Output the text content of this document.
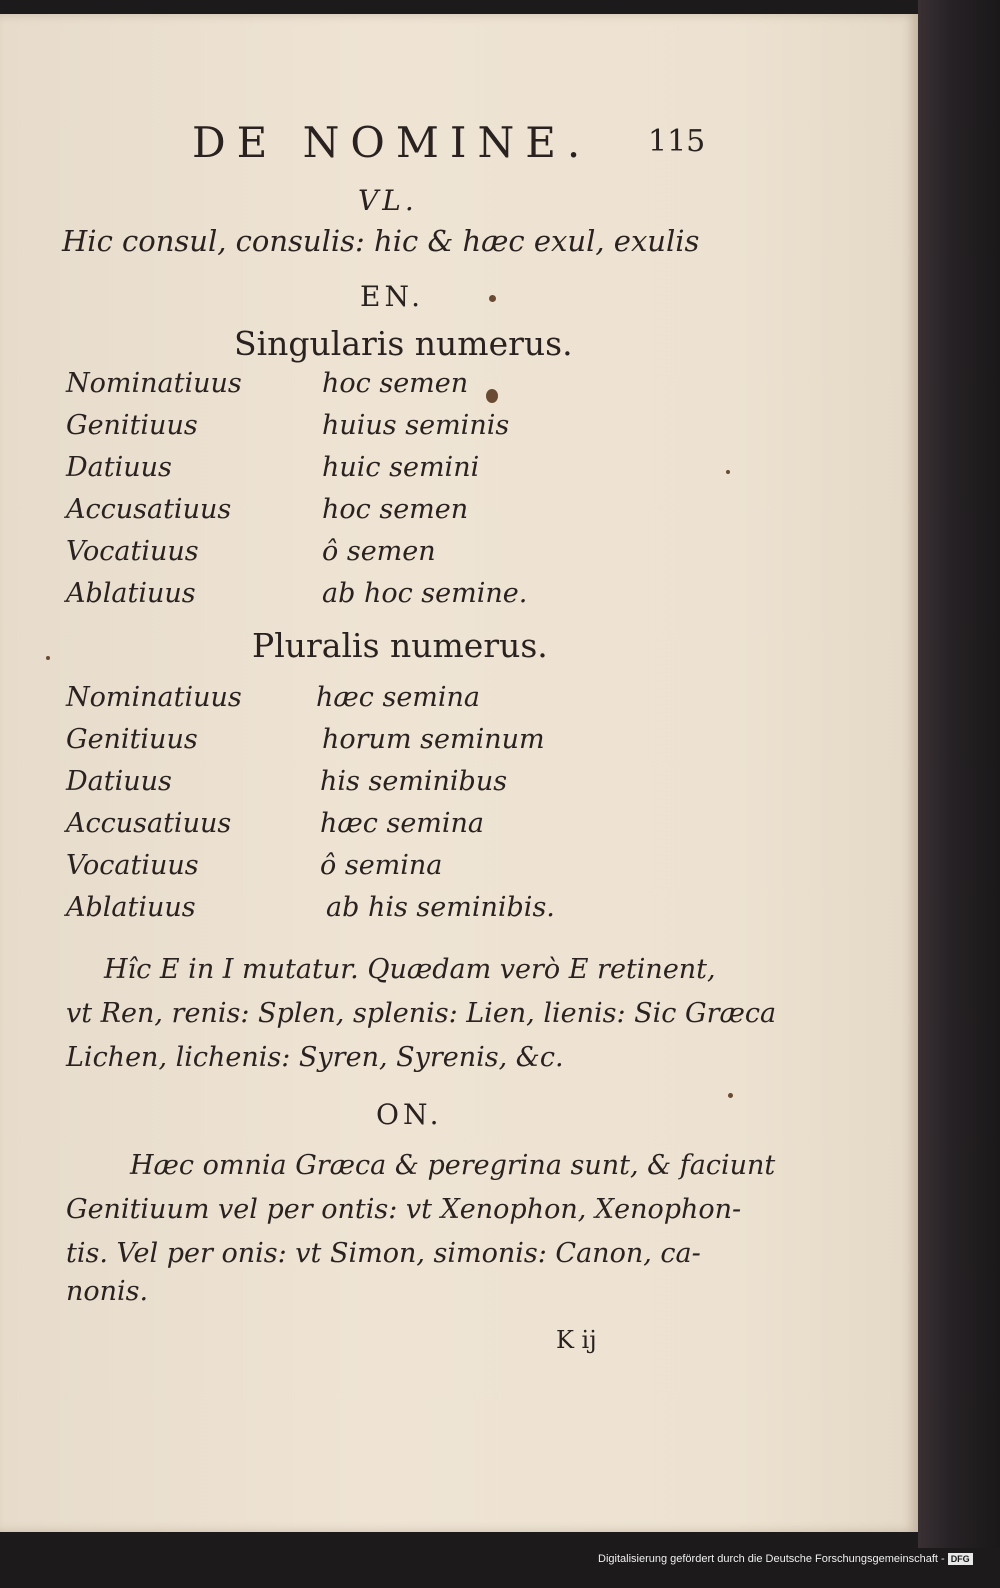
DE NOMINE. 115
VL.
Hic consul, consulis: hic & hæc exul, exulis
EN.
Singularis numerus.
Nominatiuus	hoc semen
Genitiuus	huius seminis
Datiuus	huic semini
Accusatiuus	hoc semen
Vocatiuus	ô semen
Ablatiuus	ab hoc semine.
Pluralis numerus.
Nominatiuus	hæc semina
Genitiuus	horum seminum
Datiuus	his seminibus
Accusatiuus	hæc semina
Vocatiuus	ô semina
Ablatiuus	ab his seminibis.
Hîc E in I mutatur. Quædam verò E retinent,
vt Ren, renis: Splen, splenis: Lien, lienis: Sic Græca
Lichen, lichenis: Syren, Syrenis, &c.
ON.
Hæc omnia Græca & peregrina sunt, & faciunt
Genitiuum vel per ontis: vt Xenophon, Xenophon-
tis. Vel per onis: vt Simon, simonis: Canon, ca-
nonis.
K ij
Digitalisierung gefördert durch die Deutsche Forschungsgemeinschaft - DFG
